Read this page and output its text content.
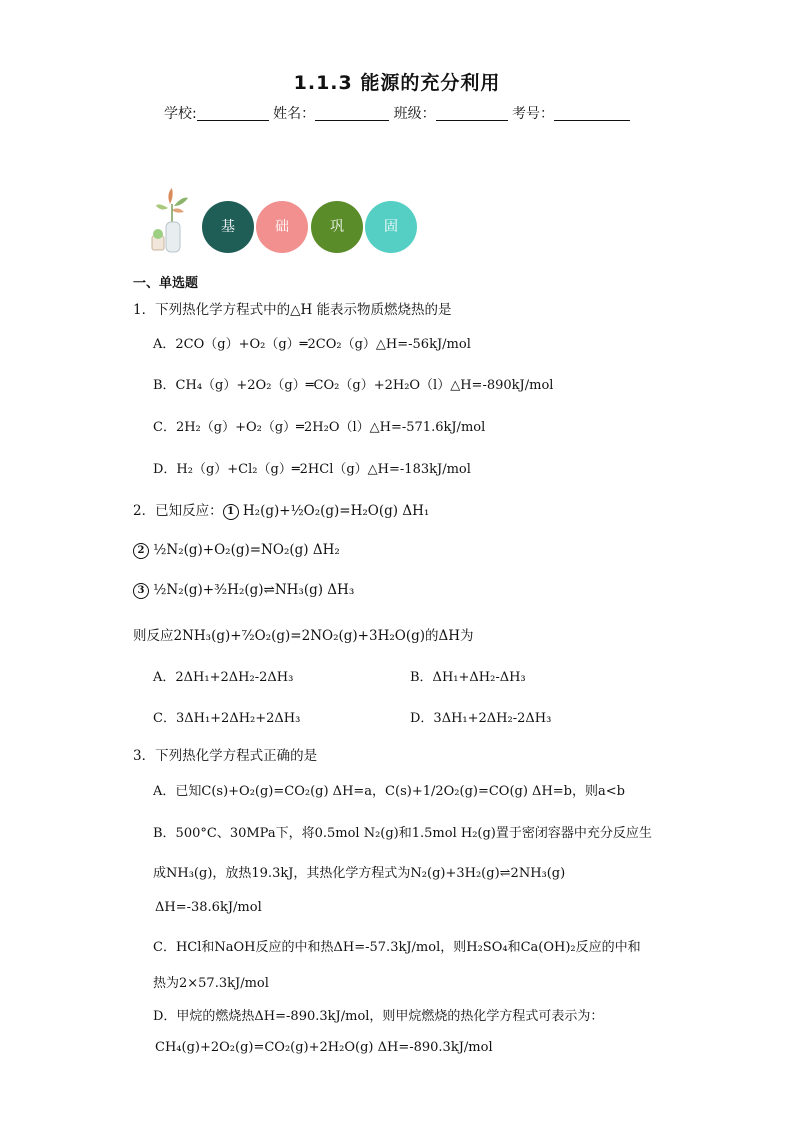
1.1.3 能源的充分利用
学校:	姓名：	班级：	考号：
基	础	巩	固
一、单选题
1．下列热化学方程式中的△H 能表示物质燃烧热的是
A．2CO（g）+O₂（g）═2CO₂（g）△H=-56kJ/mol
B．CH₄（g）+2O₂（g）═CO₂（g）+2H₂O（l）△H=-890kJ/mol
C．2H₂（g）+O₂（g）═2H₂O（l）△H=-571.6kJ/mol
D．H₂（g）+Cl₂（g）═2HCl（g）△H=-183kJ/mol
2．已知反应： 1 H₂(g)+½O₂(g)=H₂O(g) ΔH₁
2 ½N₂(g)+O₂(g)=NO₂(g) ΔH₂
3 ½N₂(g)+³⁄₂H₂(g)⇌NH₃(g) ΔH₃
则反应2NH₃(g)+⁷⁄₂O₂(g)=2NO₂(g)+3H₂O(g)的ΔH为
A．2ΔH₁+2ΔH₂-2ΔH₃	B．ΔH₁+ΔH₂-ΔH₃
C．3ΔH₁+2ΔH₂+2ΔH₃	D．3ΔH₁+2ΔH₂-2ΔH₃
3．下列热化学方程式正确的是
A．已知C(s)+O₂(g)=CO₂(g) ΔH=a，C(s)+1/2O₂(g)=CO(g) ΔH=b，则a<b
B．500°C、30MPa下，将0.5mol N₂(g)和1.5mol H₂(g)置于密闭容器中充分反应生
成NH₃(g)，放热19.3kJ，其热化学方程式为N₂(g)+3H₂(g)⇌2NH₃(g)
ΔH=-38.6kJ/mol
C．HCl和NaOH反应的中和热ΔH=-57.3kJ/mol，则H₂SO₄和Ca(OH)₂反应的中和
热为2×57.3kJ/mol
D．甲烷的燃烧热ΔH=-890.3kJ/mol，则甲烷燃烧的热化学方程式可表示为：
CH₄(g)+2O₂(g)=CO₂(g)+2H₂O(g) ΔH=-890.3kJ/mol
